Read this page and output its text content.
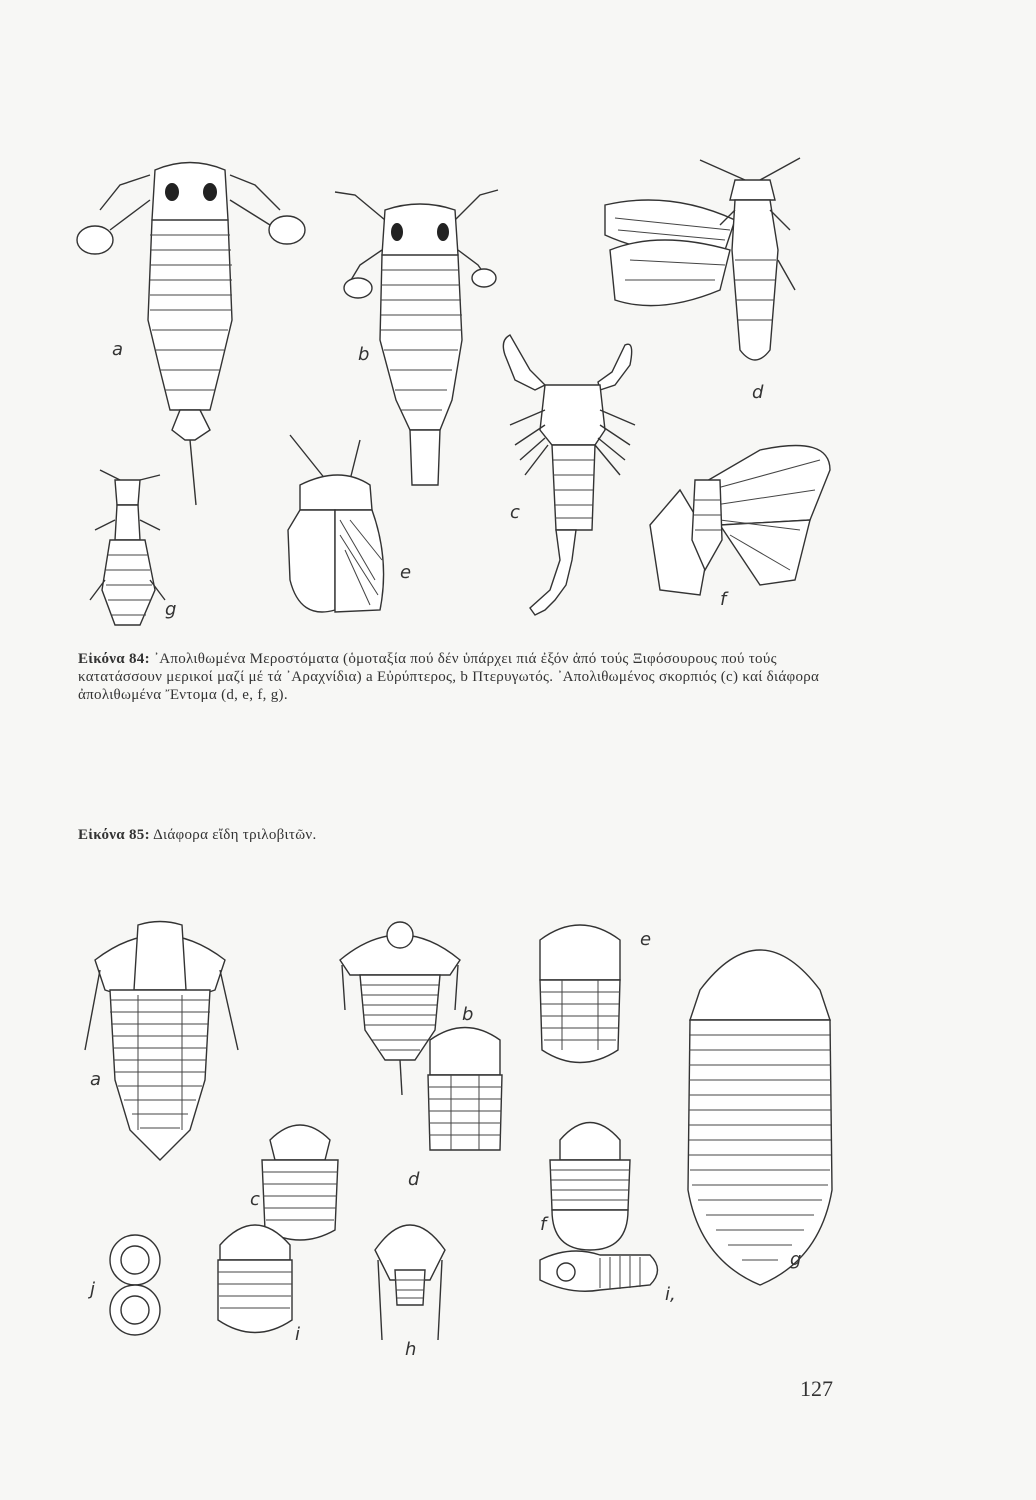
a	b
c
d
e
f
g
Εἰκόνα 84: ᾿Απολιθωμένα Μεροστόματα (ὁμοταξία πού δέν ὑπάρχει πιά ἐξόν ἀπό τούς Ξιφόσουρους πού τούς κατατάσσουν μερικοί μαζί μέ τά ᾿Αραχνίδια) a Εὐρύπτερος, b Πτερυγωτός. ᾿Απολιθωμένος σκορπιός (c) καί διάφορα ἀπολιθωμένα Ἔντομα (d, e, f, g).
Εἰκόνα 85: Διάφορα εἴδη τριλοβιτῶν.
a
b
c
d
e
f
g
h
i
i,
j
127
